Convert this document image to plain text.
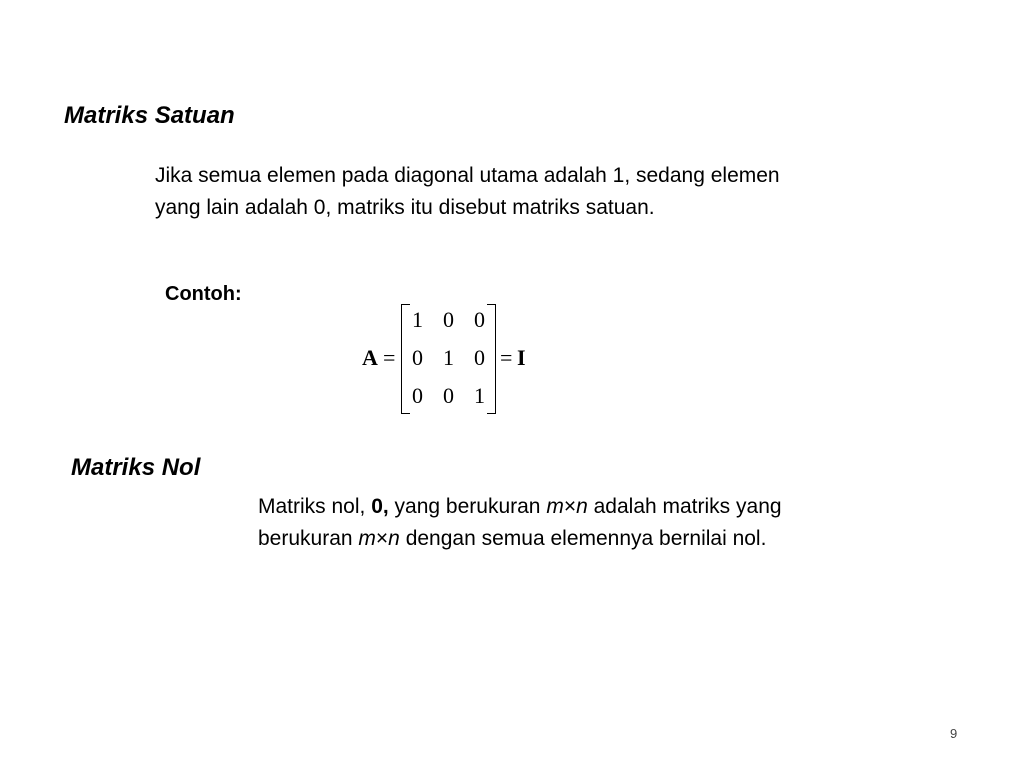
Matriks Satuan

Jika semua elemen pada diagonal utama adalah 1, sedang elemen
yang lain adalah 0, matriks itu disebut matriks satuan.

Contoh:
A =
1 0 0
0 1 0
0 0 1
= I
Matriks Nol

Matriks nol, 0, yang berukuran m×n adalah matriks yang
berukuran m×n dengan semua elemennya bernilai nol.

9
